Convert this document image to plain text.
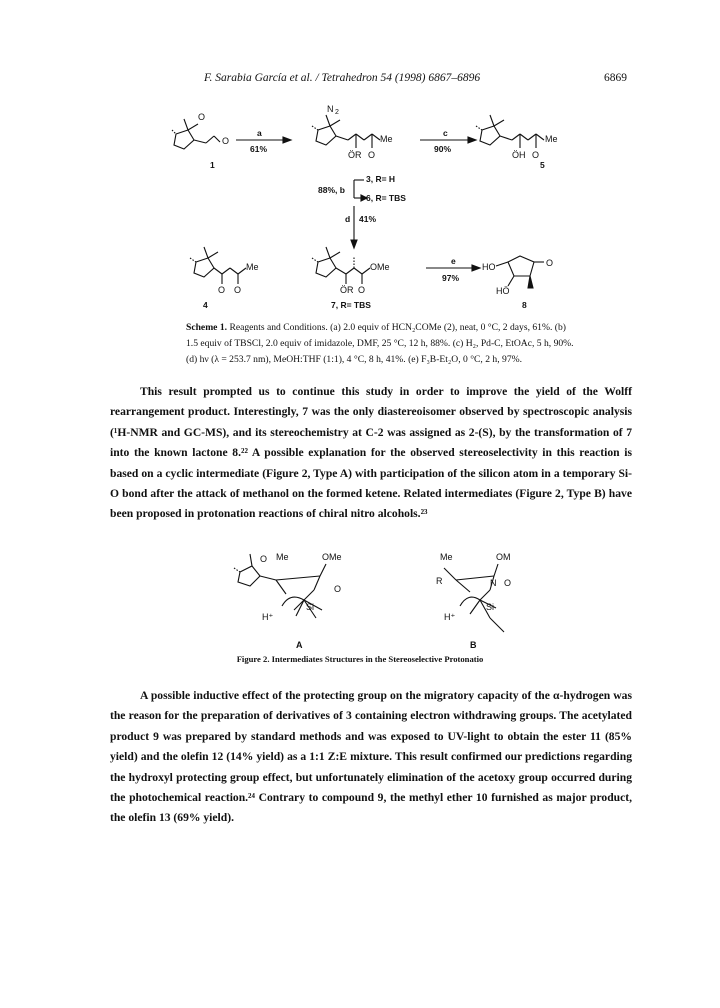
F. Sarabia García et al. / Tetrahedron 54 (1998) 6867–6896	6869
O
O
N 2
Me
ÖR O
Me
ÖH O
Me
O O
OMe
ÖR O
HO	O
HÖ
1	5
4	7, R= TBS	8
3, R= H
6, R= TBS
a	c
d
e
61%	90%
88%, b
41%
97%
Scheme 1. Reagents and Conditions. (a) 2.0 equiv of HCN₂COMe (2), neat, 0 °C, 2 days, 61%. (b) 1.5 equiv of TBSCl, 2.0 equiv of imidazole, DMF, 25 °C, 12 h, 88%. (c) H₂, Pd-C, EtOAc, 5 h, 90%. (d) hν (λ = 253.7 nm), MeOH:THF (1:1), 4 °C, 8 h, 41%. (e) F₃B-Et₂O, 0 °C, 2 h, 97%.
This result prompted us to continue this study in order to improve the yield of the Wolff rearrangement product. Interestingly, 7 was the only diastereoisomer observed by spectroscopic analysis (¹H-NMR and GC-MS), and its stereochemistry at C-2 was assigned as 2-(S), by the transformation of 7 into the known lactone 8.²² A possible explanation for the observed stereoselectivity in this reaction is based on a cyclic intermediate (Figure 2, Type A) with participation of the silicon atom in a temporary Si-O bond after the attack of methanol on the formed ketene. Related intermediates (Figure 2, Type B) have been proposed in protonation reactions of chiral nitro alcohols.²³
O Me	OMe
O
H⁺
Si
Me	OM
R	N O
H⁺
Si
A	B
Figure 2. Intermediates Structures in the Stereoselective Protonatio
A possible inductive effect of the protecting group on the migratory capacity of the α-hydrogen was the reason for the preparation of derivatives of 3 containing electron withdrawing groups. The acetylated product 9 was prepared by standard methods and was exposed to UV-light to obtain the ester 11 (85% yield) and the olefin 12 (14% yield) as a 1:1 Z:E mixture. This result confirmed our predictions regarding the hydroxyl protecting group effect, but unfortunately elimination of the acetoxy group occurred during the photochemical reaction.²⁴ Contrary to compound 9, the methyl ether 10 furnished as major product, the olefin 13 (69% yield).
